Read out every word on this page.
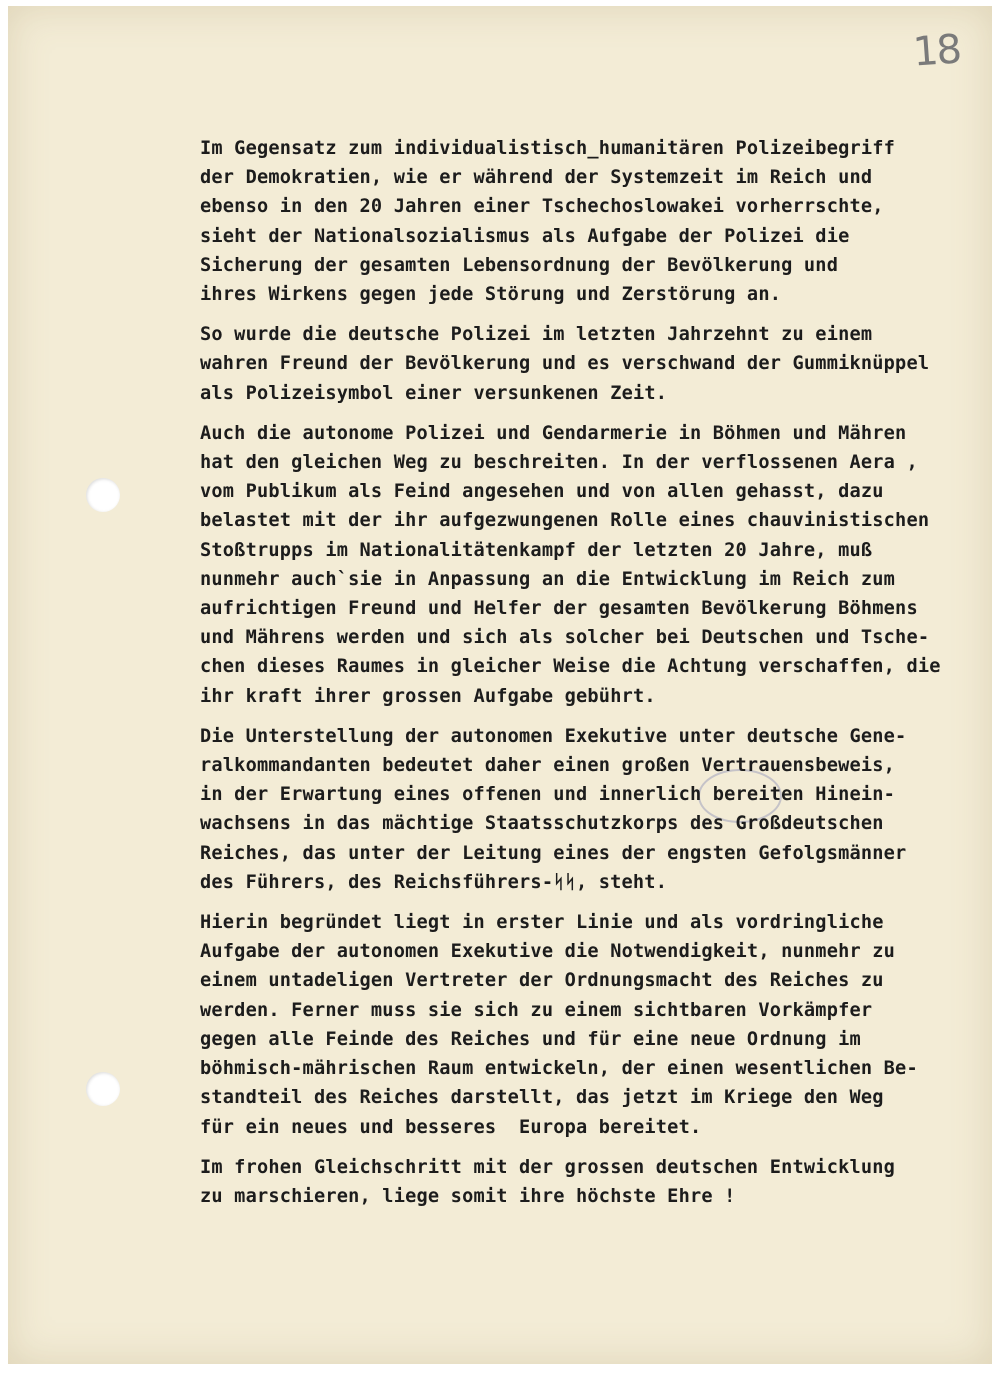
18
Im Gegensatz zum individualistisch_humanitären Polizeibegriff
der Demokratien, wie er während der Systemzeit im Reich und
ebenso in den 20 Jahren einer Tschechoslowakei vorherrschte,
sieht der Nationalsozialismus als Aufgabe der Polizei die
Sicherung der gesamten Lebensordnung der Bevölkerung und
ihres Wirkens gegen jede Störung und Zerstörung an.
So wurde die deutsche Polizei im letzten Jahrzehnt zu einem
wahren Freund der Bevölkerung und es verschwand der Gummiknüppel
als Polizeisymbol einer versunkenen Zeit.
Auch die autonome Polizei und Gendarmerie in Böhmen und Mähren
hat den gleichen Weg zu beschreiten. In der verflossenen Aera ,
vom Publikum als Feind angesehen und von allen gehasst, dazu
belastet mit der ihr aufgezwungenen Rolle eines chauvinistischen
Stoßtrupps im Nationalitätenkampf der letzten 20 Jahre, muß
nunmehr auch`sie in Anpassung an die Entwicklung im Reich zum
aufrichtigen Freund und Helfer der gesamten Bevölkerung Böhmens
und Mährens werden und sich als solcher bei Deutschen und Tsche-
chen dieses Raumes in gleicher Weise die Achtung verschaffen, die
ihr kraft ihrer grossen Aufgabe gebührt.
Die Unterstellung der autonomen Exekutive unter deutsche Gene-
ralkommandanten bedeutet daher einen großen Vertrauensbeweis,
in der Erwartung eines offenen und innerlich bereiten Hinein-
wachsens in das mächtige Staatsschutzkorps des Großdeutschen
Reiches, das unter der Leitung eines der engsten Gefolgsmänner
des Führers, des Reichsführers-ᛋᛋ, steht.
Hierin begründet liegt in erster Linie und als vordringliche
Aufgabe der autonomen Exekutive die Notwendigkeit, nunmehr zu
einem untadeligen Vertreter der Ordnungsmacht des Reiches zu
werden. Ferner muss sie sich zu einem sichtbaren Vorkämpfer
gegen alle Feinde des Reiches und für eine neue Ordnung im
böhmisch-mährischen Raum entwickeln, der einen wesentlichen Be-
standteil des Reiches darstellt, das jetzt im Kriege den Weg
für ein neues und besseres  Europa bereitet.
Im frohen Gleichschritt mit der grossen deutschen Entwicklung
zu marschieren, liege somit ihre höchste Ehre !
